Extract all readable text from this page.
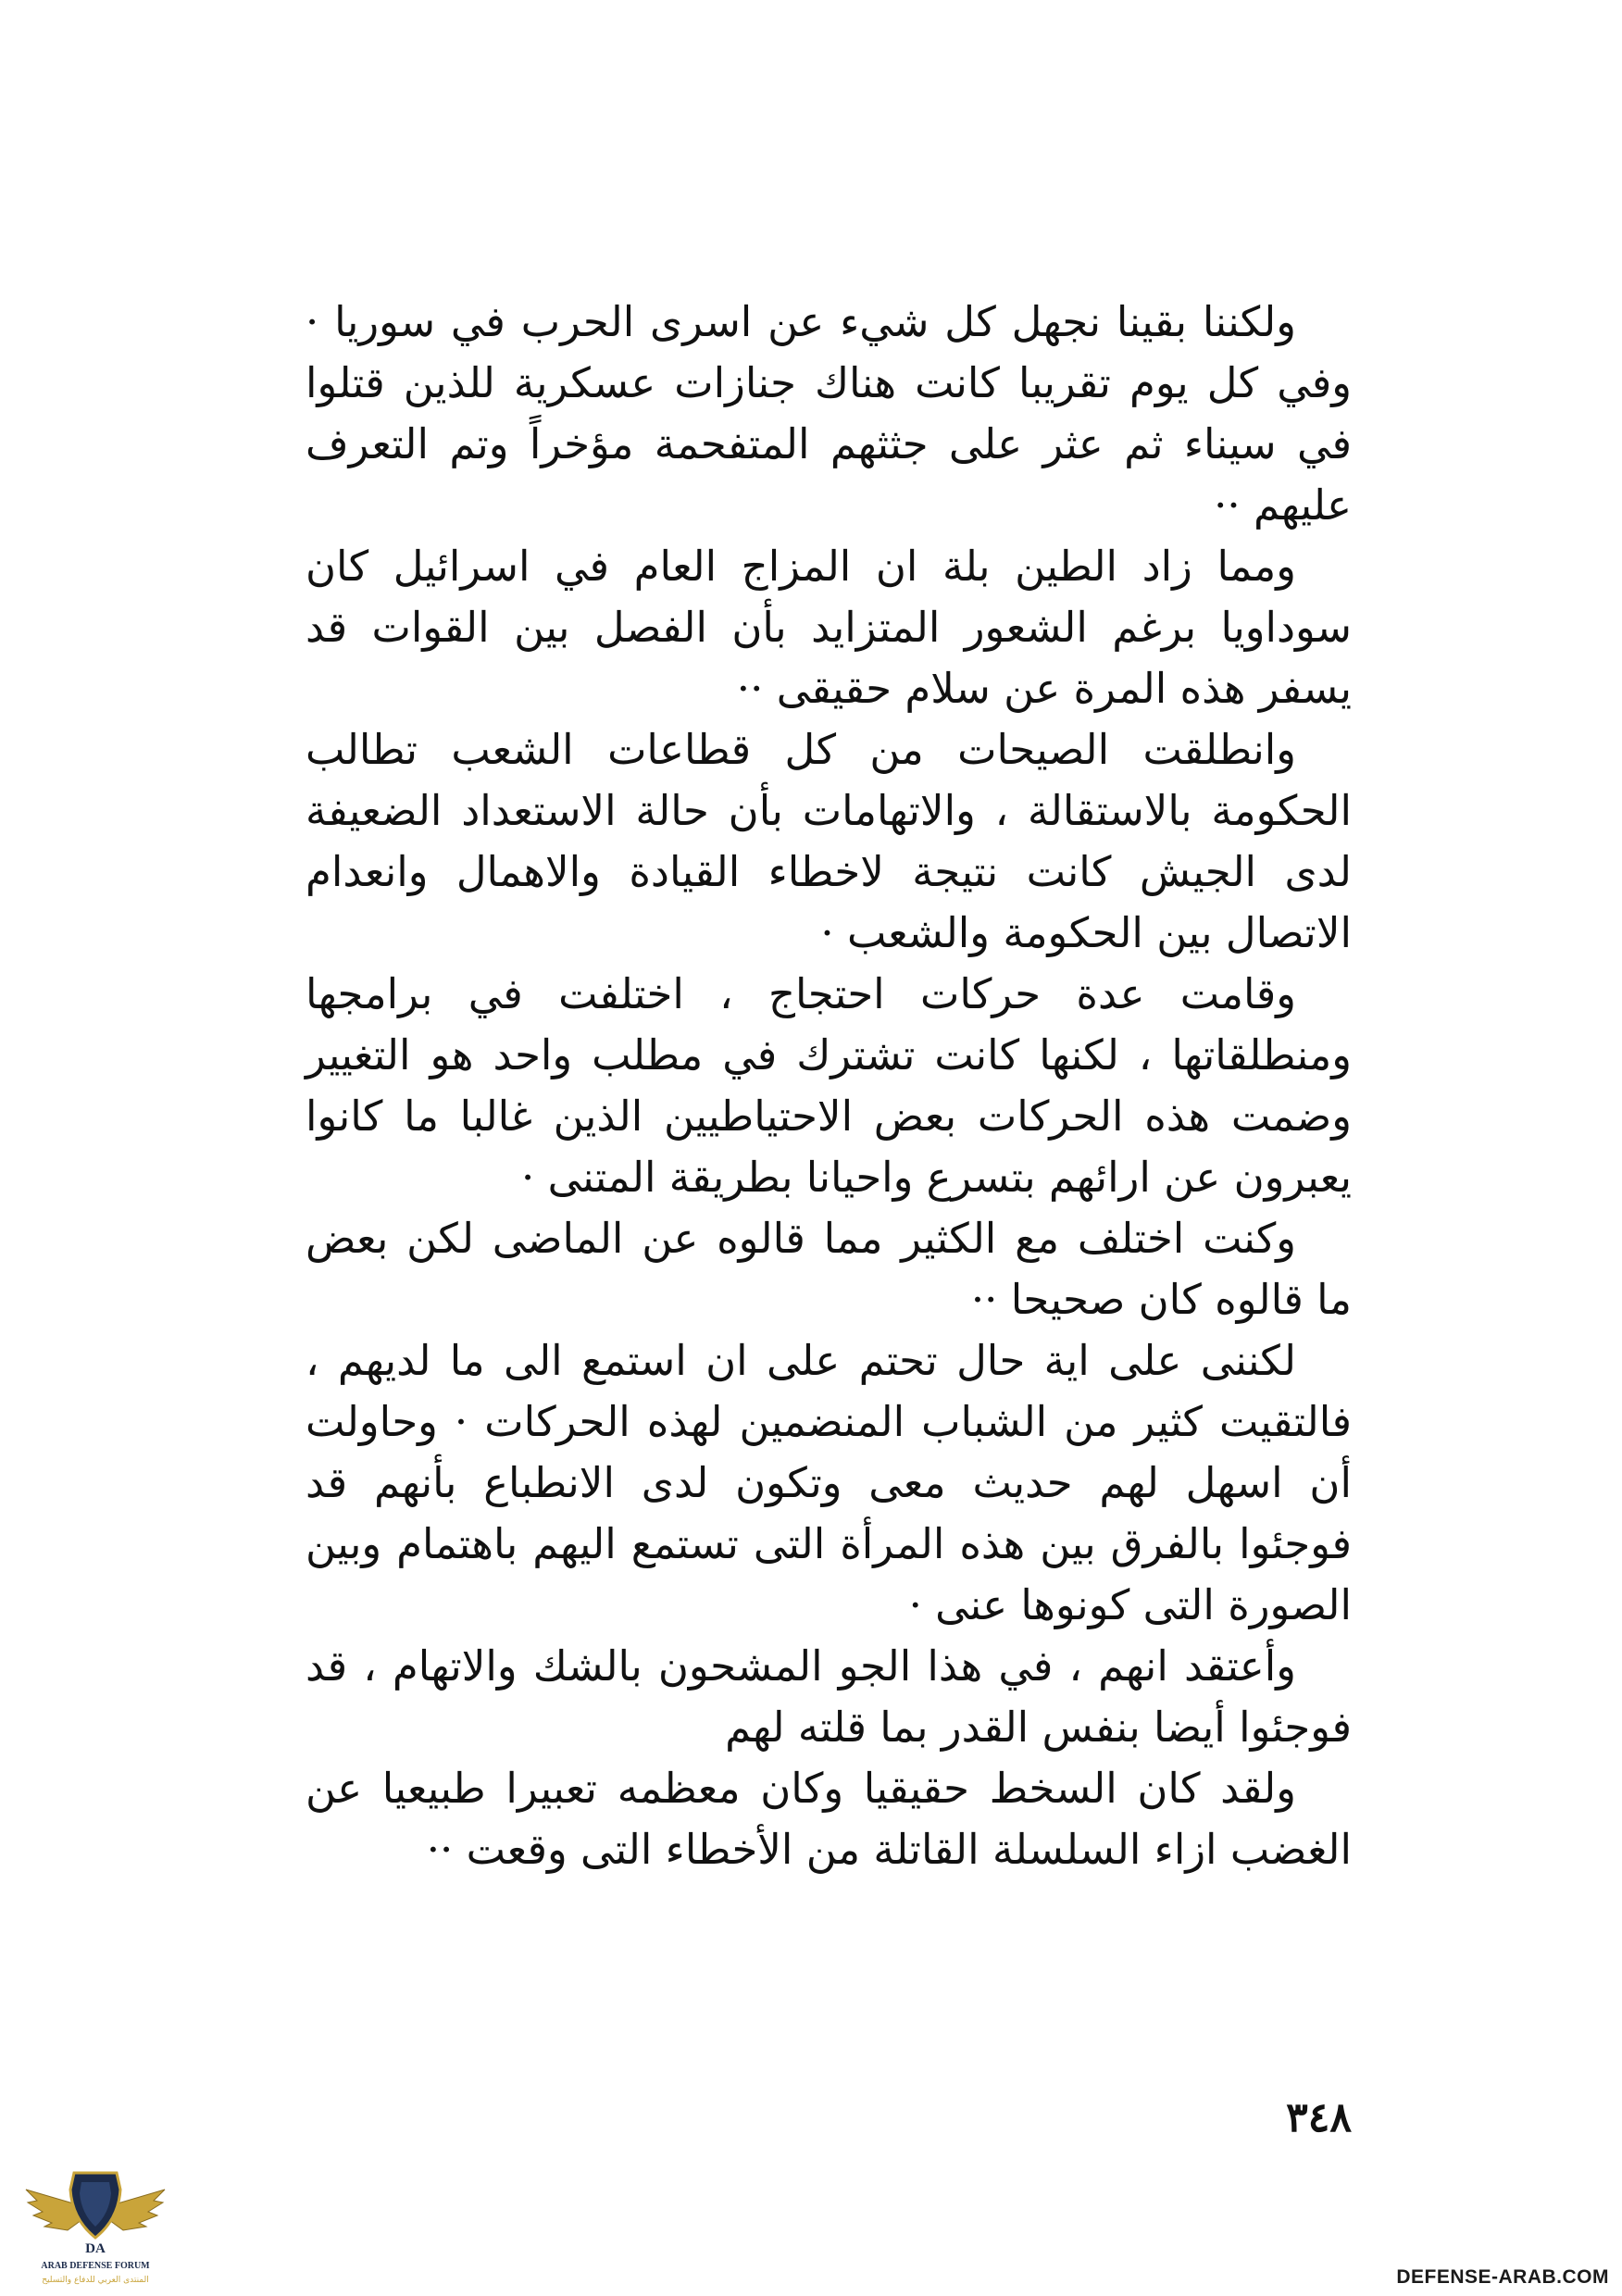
ولكننا بقينا نجهل كل شيء عن اسرى الحرب في سوريا · وفي كل يوم تقريبا كانت هناك جنازات عسكرية للذين قتلوا في سيناء ثم عثر على جثثهم المتفحمة مؤخراً وتم التعرف عليهم ··

ومما زاد الطين بلة ان المزاج العام في اسرائيل كان سوداويا برغم الشعور المتزايد بأن الفصل بين القوات قد يسفر هذه المرة عن سلام حقيقى ··

وانطلقت الصيحات من كل قطاعات الشعب تطالب الحكومة بالاستقالة ، والاتهامات بأن حالة الاستعداد الضعيفة لدى الجيش كانت نتيجة لاخطاء القيادة والاهمال وانعدام الاتصال بين الحكومة والشعب ·

وقامت عدة حركات احتجاج ، اختلفت في برامجها ومنطلقاتها ، لكنها كانت تشترك في مطلب واحد هو التغيير وضمت هذه الحركات بعض الاحتياطيين الذين غالبا ما كانوا يعبرون عن ارائهم بتسرع واحيانا بطريقة المتنى ·

وكنت اختلف مع الكثير مما قالوه عن الماضى لكن بعض ما قالوه كان صحيحا ··

لكننى على اية حال تحتم على ان استمع الى ما لديهم ، فالتقيت كثير من الشباب المنضمين لهذه الحركات · وحاولت أن اسهل لهم حديث معى وتكون لدى الانطباع بأنهم قد فوجئوا بالفرق بين هذه المرأة التى تستمع اليهم باهتمام وبين الصورة التى كونوها عنى ·

وأعتقد انهم ، في هذا الجو المشحون بالشك والاتهام ، قد فوجئوا أيضا بنفس القدر بما قلته لهم

ولقد كان السخط حقيقيا وكان معظمه تعبيرا طبيعيا عن الغضب ازاء السلسلة القاتلة من الأخطاء التى وقعت ··

٣٤٨
DA
ARAB DEFENSE FORUM
المنتدى العربي للدفاع والتسليح	DEFENSE-ARAB.COM
